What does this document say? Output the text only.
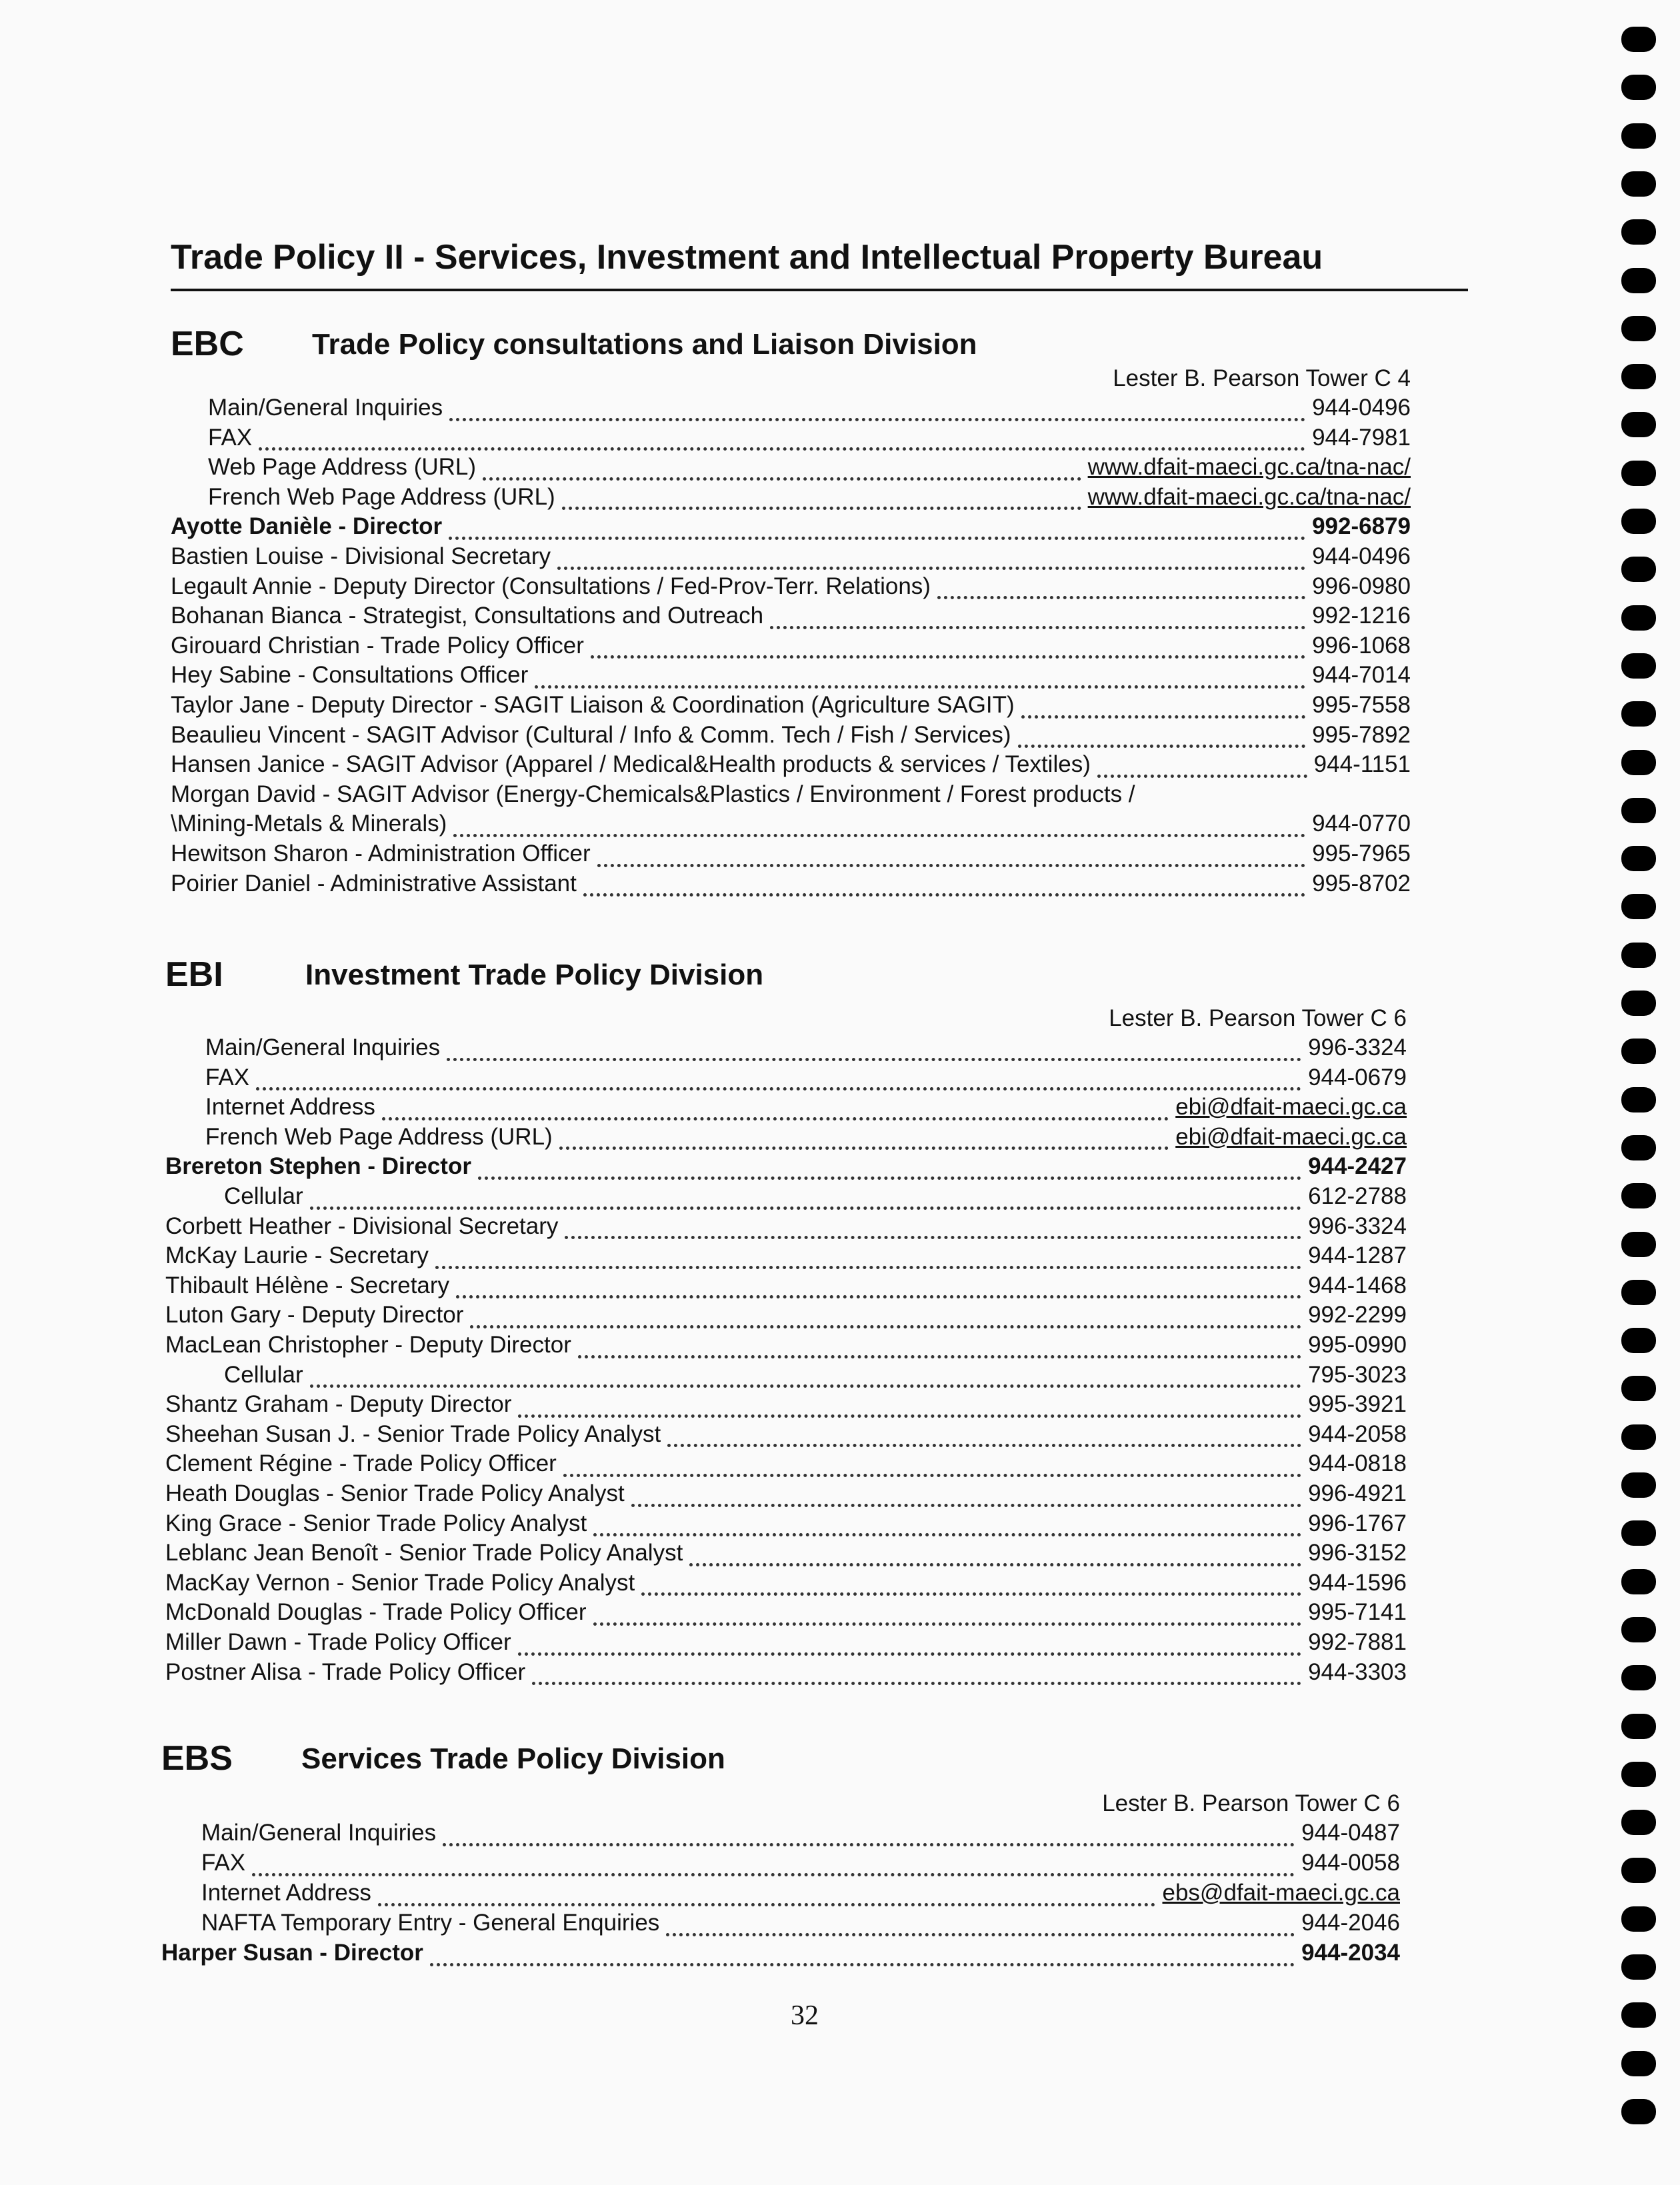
Trade Policy II - Services, Investment and Intellectual Property Bureau
EBC Trade Policy consultations and Liaison Division
Lester B. Pearson Tower C 4
Main/General Inquiries	944-0496
FAX	944-7981
Web Page Address (URL)	www.dfait-maeci.gc.ca/tna-nac/
French Web Page Address (URL)	www.dfait-maeci.gc.ca/tna-nac/
Ayotte Danièle - Director	992-6879
Bastien Louise - Divisional Secretary	944-0496
Legault Annie - Deputy Director (Consultations / Fed-Prov-Terr. Relations)	996-0980
Bohanan Bianca - Strategist, Consultations and Outreach	992-1216
Girouard Christian - Trade Policy Officer	996-1068
Hey Sabine - Consultations Officer	944-7014
Taylor Jane - Deputy Director - SAGIT Liaison & Coordination (Agriculture SAGIT)	995-7558
Beaulieu Vincent - SAGIT Advisor (Cultural / Info & Comm. Tech / Fish / Services)	995-7892
Hansen Janice - SAGIT Advisor (Apparel / Medical&Health products & services / Textiles)	944-1151
Morgan David - SAGIT Advisor (Energy-Chemicals&Plastics / Environment / Forest products /
\Mining-Metals & Minerals)	944-0770
Hewitson Sharon - Administration Officer	995-7965
Poirier Daniel - Administrative Assistant	995-8702
EBI	Investment Trade Policy Division
Lester B. Pearson Tower C 6
Main/General Inquiries	996-3324
FAX	944-0679
Internet Address	ebi@dfait-maeci.gc.ca
French Web Page Address (URL)	ebi@dfait-maeci.gc.ca
Brereton Stephen - Director	944-2427
Cellular	612-2788
Corbett Heather - Divisional Secretary	996-3324
McKay Laurie - Secretary	944-1287
Thibault Hélène - Secretary	944-1468
Luton Gary - Deputy Director	992-2299
MacLean Christopher - Deputy Director	995-0990
Cellular	795-3023
Shantz Graham - Deputy Director	995-3921
Sheehan Susan J. - Senior Trade Policy Analyst	944-2058
Clement Régine - Trade Policy Officer	944-0818
Heath Douglas - Senior Trade Policy Analyst	996-4921
King Grace - Senior Trade Policy Analyst	996-1767
Leblanc Jean Benoît - Senior Trade Policy Analyst	996-3152
MacKay Vernon - Senior Trade Policy Analyst	944-1596
McDonald Douglas - Trade Policy Officer	995-7141
Miller Dawn - Trade Policy Officer	992-7881
Postner Alisa - Trade Policy Officer	944-3303
EBS Services Trade Policy Division
Lester B. Pearson Tower C 6
Main/General Inquiries	944-0487
FAX	944-0058
Internet Address	ebs@dfait-maeci.gc.ca
NAFTA Temporary Entry - General Enquiries	944-2046
Harper Susan - Director	944-2034
32
